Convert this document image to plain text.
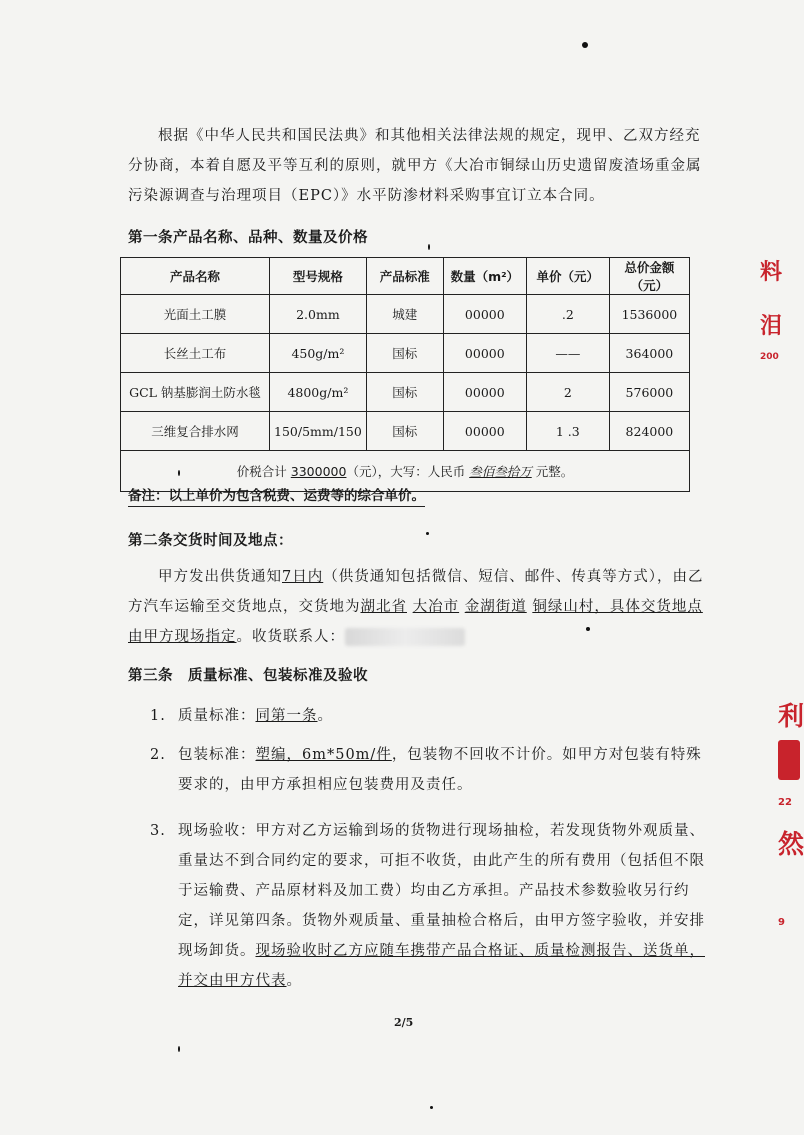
根据《中华人民共和国民法典》和其他相关法律法规的规定，现甲、乙双方经充分协商，本着自愿及平等互利的原则，就甲方《大冶市铜绿山历史遗留废渣场重金属污染源调查与治理项目（EPC）》水平防渗材料采购事宜订立本合同。
第一条产品名称、品种、数量及价格
产品名称	型号规格	产品标准	数量（m²）	单价（元）	总价金额（元）
光面土工膜	2.0mm	城建	00000	.2	1536000
长丝土工布	450g/m²	国标	00000	——	364000
GCL 钠基膨润土防水毯	4800g/m²	国标	00000	2	576000
三维复合排水网	150/5mm/150	国标	00000	1 .3	824000
价税合计 3300000（元），大写：人民币 叁佰叁拾万 元整。					
备注：以上单价为包含税费、运费等的综合单价。
第二条交货时间及地点：
甲方发出供货通知7日内（供货通知包括微信、短信、邮件、传真等方式），由乙方汽车运输至交货地点，交货地为湖北省 大冶市 金湖街道 铜绿山村，具体交货地点由甲方现场指定。收货联系人：
第三条　质量标准、包装标准及验收
1. 质量标准：同第一条。
2. 包装标准：塑编，6m*50m/件，包装物不回收不计价。如甲方对包装有特殊要求的，由甲方承担相应包装费用及责任。
3. 现场验收：甲方对乙方运输到场的货物进行现场抽检，若发现货物外观质量、重量达不到合同约定的要求，可拒不收货，由此产生的所有费用（包括但不限于运输费、产品原材料及加工费）均由乙方承担。产品技术参数验收另行约定，详见第四条。货物外观质量、重量抽检合格后，由甲方签字验收，并安排现场卸货。现场验收时乙方应随车携带产品合格证、质量检测报告、送货单，并交由甲方代表。
2/5
料
泪
200
利
22
然
9
